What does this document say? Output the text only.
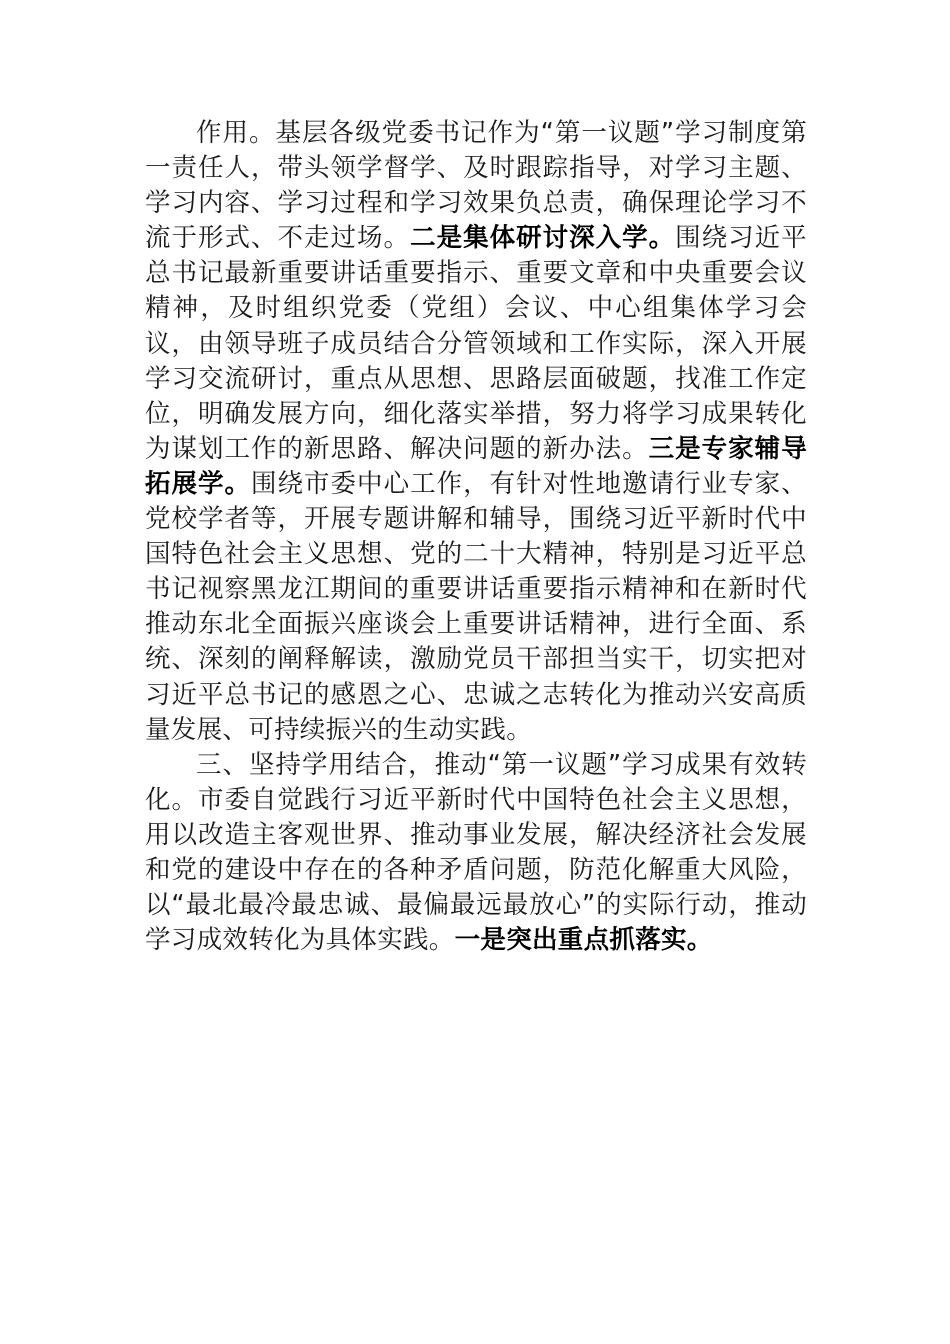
作用。基层各级党委书记作为“第一议题”学习制度第一责任人，带头领学督学、及时跟踪指导，对学习主题、学习内容、学习过程和学习效果负总责，确保理论学习不流于形式、不走过场。二是集体研讨深入学。围绕习近平总书记最新重要讲话重要指示、重要文章和中央重要会议精神，及时组织党委（党组）会议、中心组集体学习会议，由领导班子成员结合分管领域和工作实际，深入开展学习交流研讨，重点从思想、思路层面破题，找准工作定位，明确发展方向，细化落实举措，努力将学习成果转化为谋划工作的新思路、解决问题的新办法。三是专家辅导拓展学。围绕市委中心工作，有针对性地邀请行业专家、党校学者等，开展专题讲解和辅导，围绕习近平新时代中国特色社会主义思想、党的二十大精神，特别是习近平总书记视察黑龙江期间的重要讲话重要指示精神和在新时代推动东北全面振兴座谈会上重要讲话精神，进行全面、系统、深刻的阐释解读，激励党员干部担当实干，切实把对习近平总书记的感恩之心、忠诚之志转化为推动兴安高质量发展、可持续振兴的生动实践。

三、坚持学用结合，推动“第一议题”学习成果有效转化。市委自觉践行习近平新时代中国特色社会主义思想，用以改造主客观世界、推动事业发展，解决经济社会发展和党的建设中存在的各种矛盾问题，防范化解重大风险，以“最北最冷最忠诚、最偏最远最放心”的实际行动，推动学习成效转化为具体实践。一是突出重点抓落实。
